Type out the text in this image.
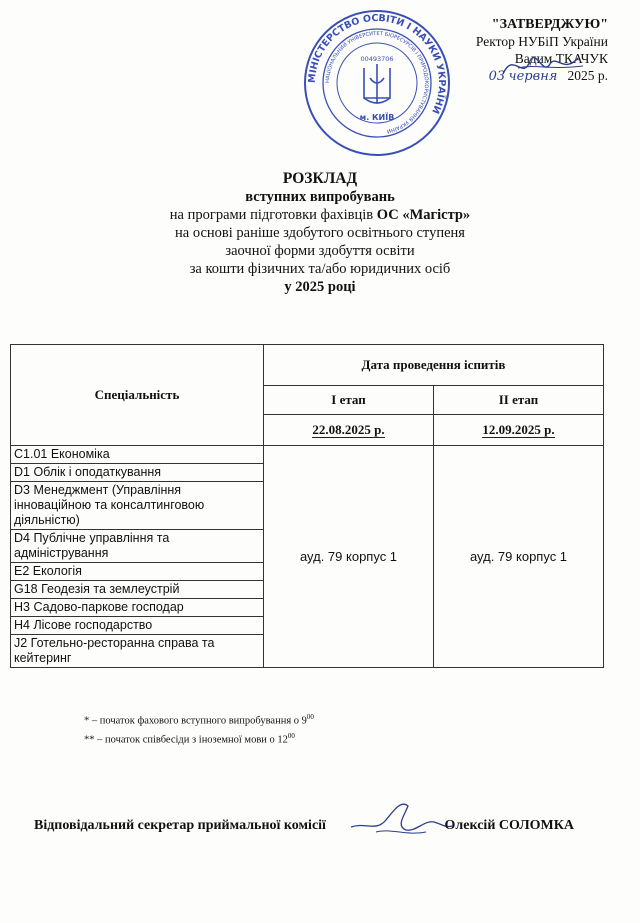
МІНІСТЕРСТВО ОСВІТИ І НАУКИ УКРАЇНИ
НАЦІОНАЛЬНИЙ УНІВЕРСИТЕТ БІОРЕСУРСІВ І ПРИРОДОКОРИСТУВАННЯ УКРАЇНИ
00493706
м. КИЇВ
"ЗАТВЕРДЖУЮ"
Ректор НУБіП України
Вадим ТКАЧУК
03 червня 2025 р.
РОЗКЛАД
вступних випробувань
на програми підготовки фахівців ОС «Магістр»
на основі раніше здобутого освітнього ступеня
заочної форми здобуття освіти
за кошти фізичних та/або юридичних осіб
у 2025 році
Спеціальність	Дата проведення іспитів	
	І етап	ІІ етап
	22.08.2025 р.	12.09.2025 р.
С1.01 Економіка	ауд. 79 корпус 1	ауд. 79 корпус 1
D1 Облік і оподаткування		
D3 Менеджмент (Управління інноваційною та консалтинговою діяльністю)		
D4 Публічне управління та адміністрування		
Е2 Екологія		
G18 Геодезія та землеустрій		
Н3 Садово-паркове господар		
Н4 Лісове господарство		
J2 Готельно-ресторанна справа та кейтеринг		
* – початок фахового вступного випробування о $9^{00}$
** – початок співбесіди з іноземної мови о $12^{00}$
Відповідальний секретар приймальної комісії	Олексій СОЛОМКА
